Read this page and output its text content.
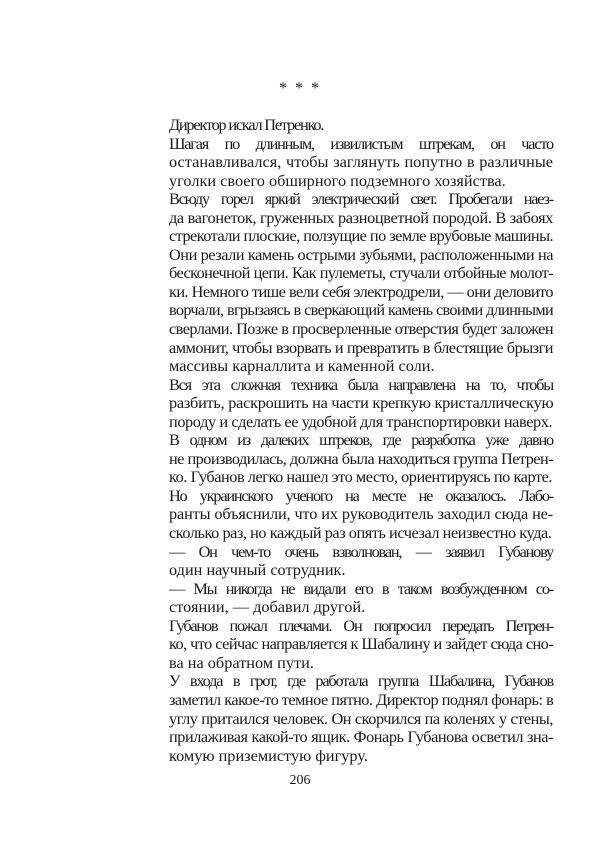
* * *

Директор искал Петренко.

Шагая по длинным, извилистым штрекам, он часто
останавливался, чтобы заглянуть попутно в различные
уголки своего обширного подземного хозяйства.

Всюду горел яркий электрический свет. Пробегали наез-
да вагонеток, груженных разноцветной породой. В забоях
стрекотали плоские, ползущие по земле врубовые машины.
Они резали камень острыми зубьями, расположенными на
бесконечной цепи. Как пулеметы, стучали отбойные молот-
ки. Немного тише вели себя электродрели, — они деловито
ворчали, вгрызаясь в сверкающий камень своими длинными
сверлами. Позже в просверленные отверстия будет заложен
аммонит, чтобы взорвать и превратить в блестящие брызги
массивы карналлита и каменной соли.

Вся эта сложная техника была направлена на то, чтобы
разбить, раскрошить на части крепкую кристаллическую
породу и сделать ее удобной для транспортировки наверх.

В одном из далеких штреков, где разработка уже давно
не производилась, должна была находиться группа Петрен-
ко. Губанов легко нашел это место, ориентируясь по карте.

Но украинского ученого на месте не оказалось. Лабо-
ранты объяснили, что их руководитель заходил сюда не-
сколько раз, но каждый раз опять исчезал неизвестно куда.

— Он чем-то очень взволнован, — заявил Губанову
один научный сотрудник.

— Мы никогда не видали его в таком возбужденном со-
стоянии, — добавил другой.

Губанов пожал плечами. Он попросил передать Петрен-
ко, что сейчас направляется к Шабалину и зайдет сюда сно-
ва на обратном пути.

У входа в грот, где работала группа Шабалина, Губанов
заметил какое-то темное пятно. Директор поднял фонарь: в
углу притаился человек. Он скорчился па коленях у стены,
прилаживая какой-то ящик. Фонарь Губанова осветил зна-
комую приземистую фигуру.

206
